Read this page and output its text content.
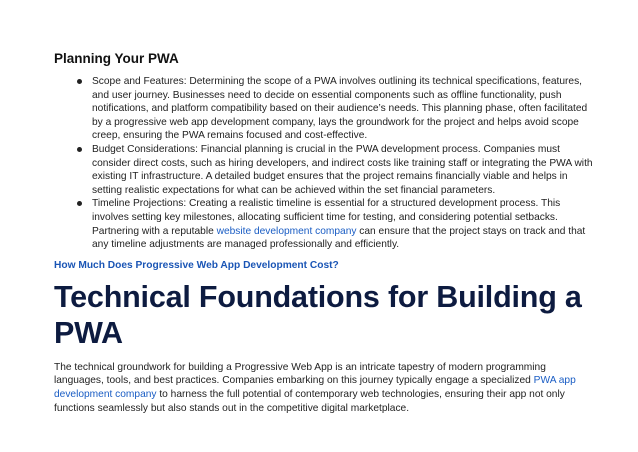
Planning Your PWA
Scope and Features: Determining the scope of a PWA involves outlining its technical specifications, features, and user journey. Businesses need to decide on essential components such as offline functionality, push notifications, and platform compatibility based on their audience’s needs. This planning phase, often facilitated by a progressive web app development company, lays the groundwork for the project and helps avoid scope creep, ensuring the PWA remains focused and cost-effective.
Budget Considerations: Financial planning is crucial in the PWA development process. Companies must consider direct costs, such as hiring developers, and indirect costs like training staff or integrating the PWA with existing IT infrastructure. A detailed budget ensures that the project remains financially viable and helps in setting realistic expectations for what can be achieved within the set financial parameters.
Timeline Projections: Creating a realistic timeline is essential for a structured development process. This involves setting key milestones, allocating sufficient time for testing, and considering potential setbacks. Partnering with a reputable website development company can ensure that the project stays on track and that any timeline adjustments are managed professionally and efficiently.
How Much Does Progressive Web App Development Cost?
Technical Foundations for Building a PWA

The technical groundwork for building a Progressive Web App is an intricate tapestry of modern programming languages, tools, and best practices. Companies embarking on this journey typically engage a specialized PWA app development company to harness the full potential of contemporary web technologies, ensuring their app not only functions seamlessly but also stands out in the competitive digital marketplace.
